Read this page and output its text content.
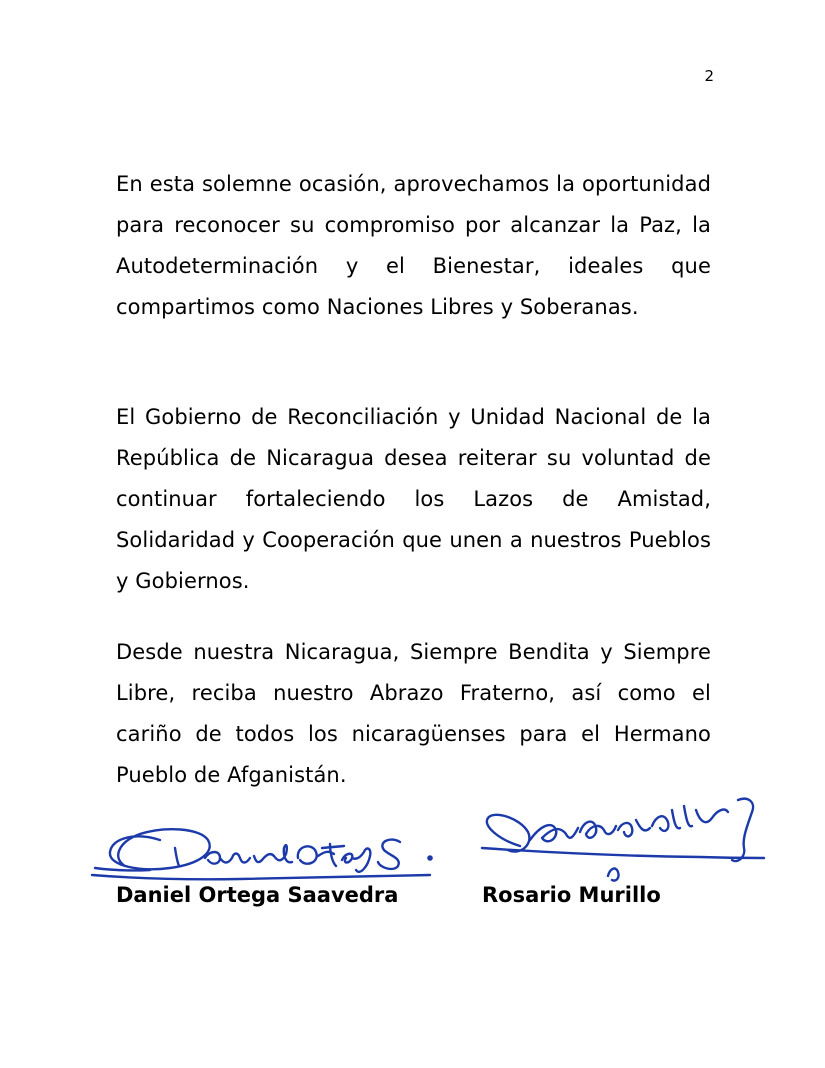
2

En esta solemne ocasión, aprovechamos la oportunidad para reconocer su compromiso por alcanzar la Paz, la Autodeterminación y el Bienestar, ideales que compartimos como Naciones Libres y Soberanas.

El Gobierno de Reconciliación y Unidad Nacional de la República de Nicaragua desea reiterar su voluntad de continuar fortaleciendo los Lazos de Amistad, Solidaridad y Cooperación que unen a nuestros Pueblos y Gobiernos.

Desde nuestra Nicaragua, Siempre Bendita y Siempre Libre, reciba nuestro Abrazo Fraterno, así como el cariño de todos los nicaragüenses para el Hermano Pueblo de Afganistán.

Daniel Ortega Saavedra	Rosario Murillo
